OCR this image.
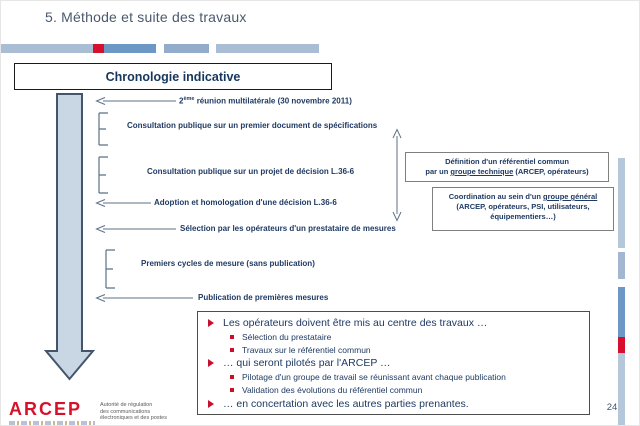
5. Méthode et suite des travaux
Chronologie indicative
2ème réunion multilatérale (30 novembre 2011)
Consultation publique sur un premier document de spécifications
Consultation publique sur un projet de décision L.36-6
Adoption et homologation d'une décision L.36-6
Sélection par les opérateurs d'un prestataire de mesures
Premiers cycles de mesure (sans publication)
Publication de premières mesures
Définition d'un référentiel commun
par un groupe technique (ARCEP, opérateurs)
Coordination au sein d'un groupe général
(ARCEP, opérateurs, PSI, utilisateurs,
équipementiers…)
Les opérateurs doivent être mis au centre des travaux …
Sélection du prestataire
Travaux sur le référentiel commun
… qui seront pilotés par l'ARCEP …
Pilotage d'un groupe de travail se réunissant avant chaque publication
Validation des évolutions du référentiel commun
… en concertation avec les autres parties prenantes.
ARCEP	Autorité de régulation
des communications
électroniques et des postes
24
